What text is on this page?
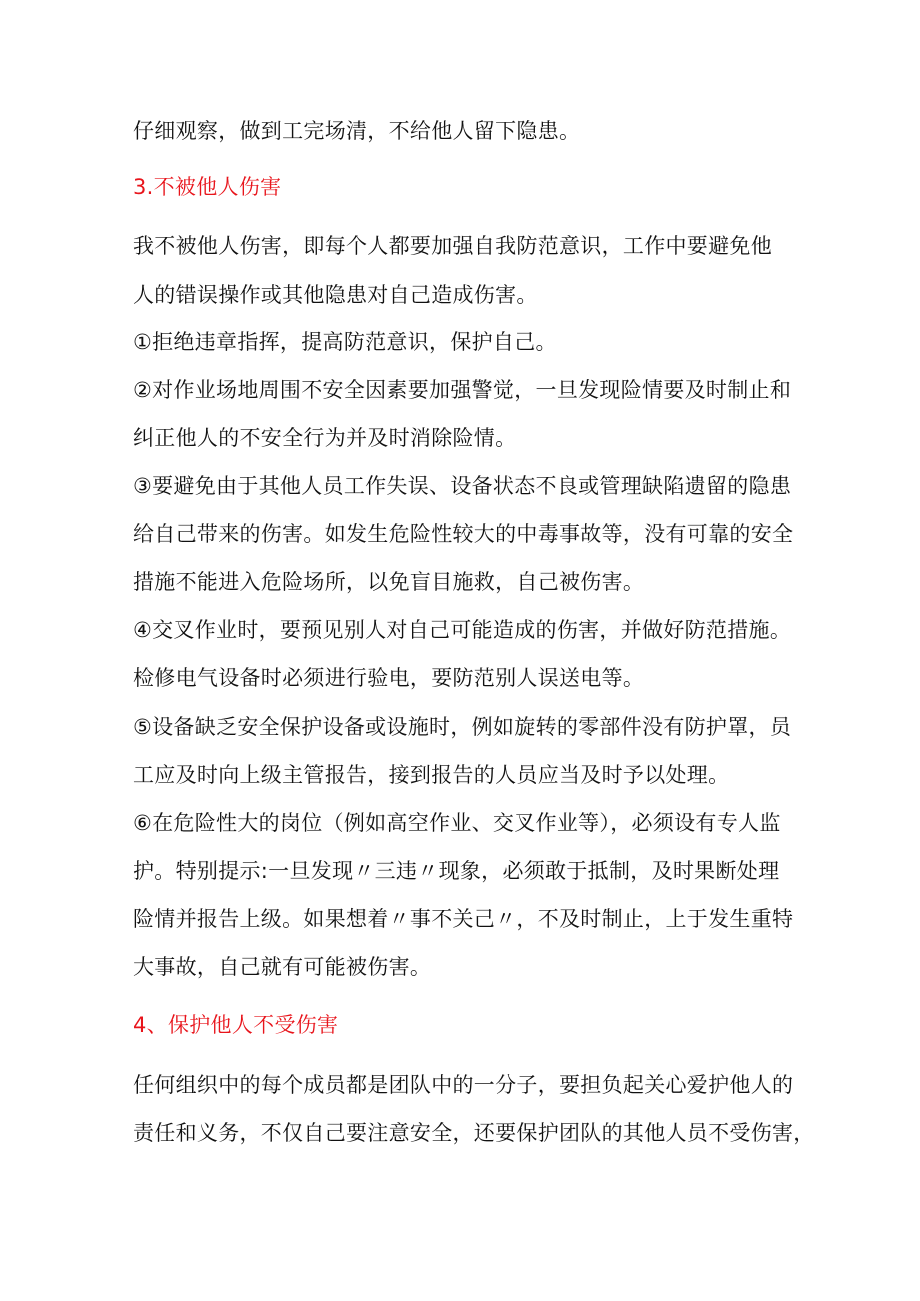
仔细观察，做到工完场清，不给他人留下隐患。
3.不被他人伤害
我不被他人伤害，即每个人都要加强自我防范意识，工作中要避免他
人的错误操作或其他隐患对自己造成伤害。
①拒绝违章指挥，提高防范意识，保护自己。
②对作业场地周围不安全因素要加强警觉，一旦发现险情要及时制止和
纠正他人的不安全行为并及时消除险情。
③要避免由于其他人员工作失误、设备状态不良或管理缺陷遗留的隐患
给自己带来的伤害。如发生危险性较大的中毒事故等，没有可靠的安全
措施不能进入危险场所，以免盲目施救，自己被伤害。
④交叉作业时，要预见别人对自己可能造成的伤害，并做好防范措施。
检修电气设备时必须进行验电，要防范别人误送电等。
⑤设备缺乏安全保护设备或设施时，例如旋转的零部件没有防护罩，员
工应及时向上级主管报告，接到报告的人员应当及时予以处理。
⑥在危险性大的岗位（例如高空作业、交叉作业等），必须设有专人监
护。特别提示:一旦发现〃三违〃现象，必须敢于抵制，及时果断处理
险情并报告上级。如果想着〃事不关己〃，不及时制止，上于发生重特
大事故，自己就有可能被伤害。
4、保护他人不受伤害
任何组织中的每个成员都是团队中的一分子，要担负起关心爱护他人的
责任和义务，不仅自己要注意安全，还要保护团队的其他人员不受伤害，
